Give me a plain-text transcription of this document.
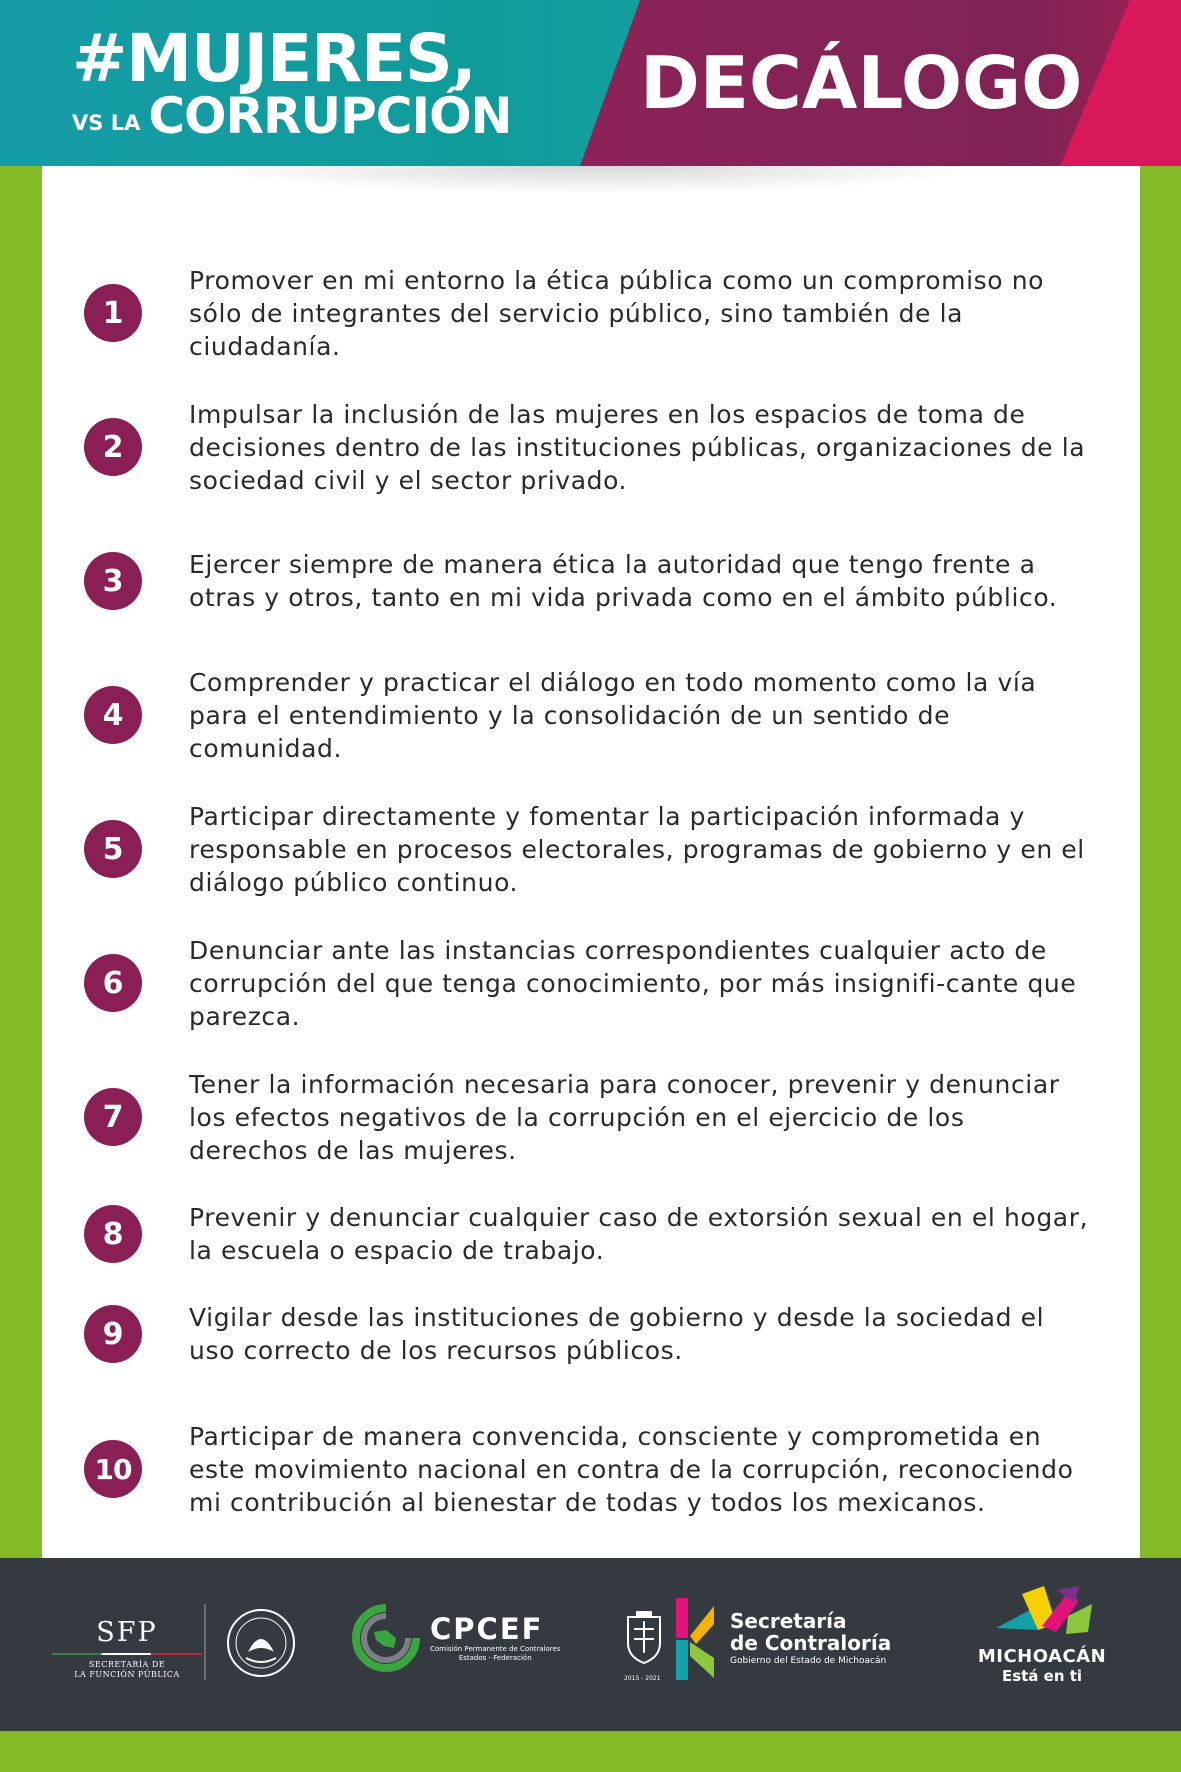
#MUJERES,
VS LA CORRUPCIÓN DECÁLOGO
1
Promover en mi entorno la ética pública como un compromiso no sólo de integrantes del servicio público, sino también de la ciudadanía.
2
Impulsar la inclusión de las mujeres en los espacios de toma de decisiones dentro de las instituciones públicas, organizaciones de la sociedad civil y el sector privado.
3	Ejercer siempre de manera ética la autoridad que tengo frente a otras y otros, tanto en mi vida privada como en el ámbito público.
4
Comprender y practicar el diálogo en todo momento como la vía para el entendimiento y la consolidación de un sentido de comunidad.
5
Participar directamente y fomentar la participación informada y responsable en procesos electorales, programas de gobierno y en el diálogo público continuo.
6
Denunciar ante las instancias correspondientes cualquier acto de corrupción del que tenga conocimiento, por más insignifi-cante que parezca.
7
Tener la información necesaria para conocer, prevenir y denunciar los efectos negativos de la corrupción en el ejercicio de los derechos de las mujeres.
8	Prevenir y denunciar cualquier caso de extorsión sexual en el hogar, la escuela o espacio de trabajo.
9	Vigilar desde las instituciones de gobierno y desde la sociedad el uso correcto de los recursos públicos.
10
Participar de manera convencida, consciente y comprometida en este movimiento nacional en contra de la corrupción, reconociendo mi contribución al bienestar de todas y todos los mexicanos.
SFP
SECRETARÍA DE
LA FUNCIÓN PÚBLICA
CPCEF
Comisión Permanente de Contralores
Estados - Federación
2015 - 2021
Secretaría
de Contraloría
Gobierno del Estado de Michoacán	MICHOACÁN
Está en ti
